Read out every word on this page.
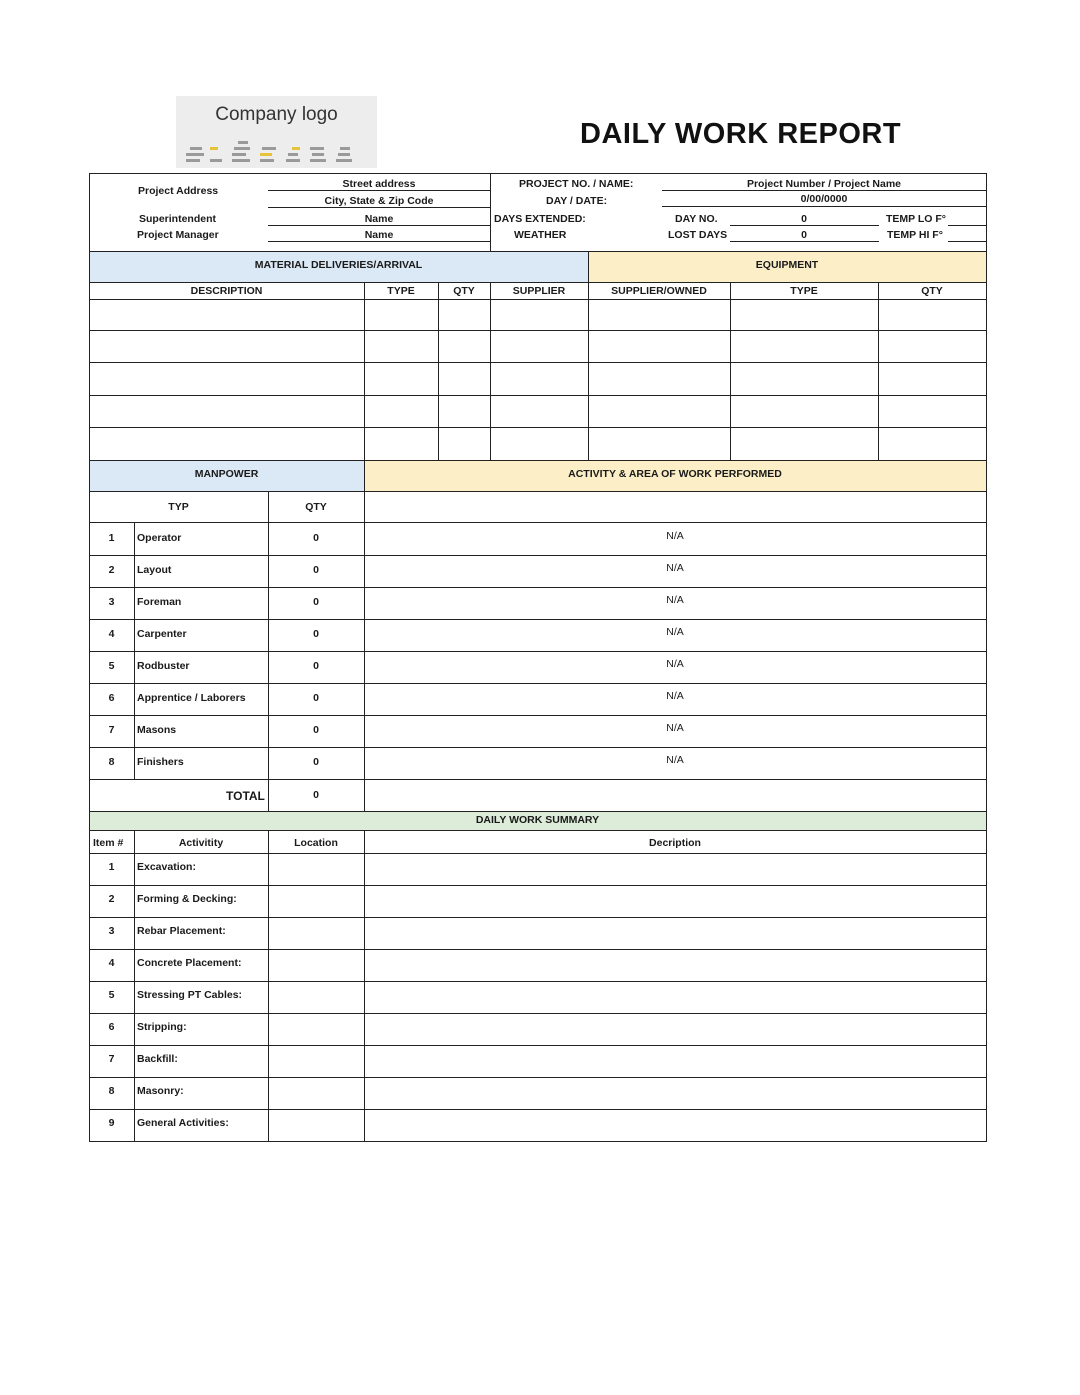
Company logo
DAILY WORK REPORT
Project Address
Street address
City, State & Zip Code
Superintendent	Name
Project Manager	Name
PROJECT NO. / NAME:	Project Number / Project Name
DAY / DATE:	0/00/0000
DAYS EXTENDED:
WEATHER
DAY NO.	0
LOST DAYS	0
TEMP LO F°
TEMP HI F°
MATERIAL DELIVERIES/ARRIVAL	EQUIPMENT
DESCRIPTION	TYPE	QTY	SUPPLIER	SUPPLIER/OWNED	TYPE	QTY
MANPOWER	ACTIVITY & AREA OF WORK PERFORMED
TYP	QTY
1	Operator	0	N/A
2	Layout	0	N/A
3	Foreman	0	N/A
4	Carpenter	0	N/A
5	Rodbuster	0	N/A
6	Apprentice / Laborers	0	N/A
7	Masons	0	N/A
8	Finishers	0	N/A
TOTAL	0
DAILY WORK SUMMARY
Item #	Activitity	Location	Decription
1	Excavation:
2	Forming & Decking:
3	Rebar Placement:
4	Concrete Placement:
5	Stressing PT Cables:
6	Stripping:
7	Backfill:
8	Masonry:
9	General Activities:
